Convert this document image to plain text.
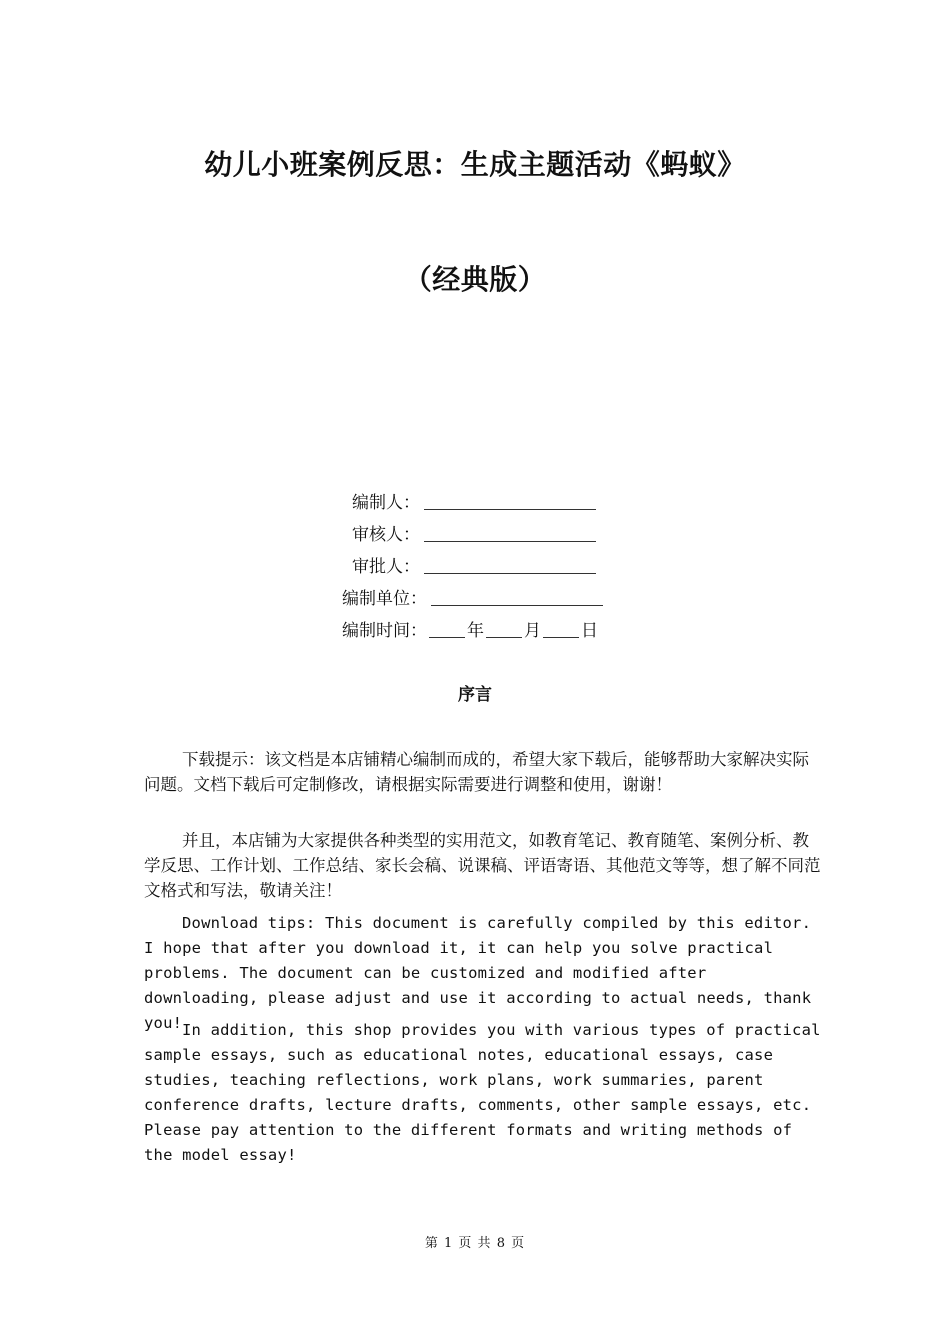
幼儿小班案例反思：生成主题活动《蚂蚁》
（经典版）
编制人：
审核人：
审批人：
编制单位：
编制时间： 年 月 日
序言

下载提示：该文档是本店铺精心编制而成的，希望大家下载后，能够帮助大家解决实际问题。文档下载后可定制修改，请根据实际需要进行调整和使用，谢谢！

并且，本店铺为大家提供各种类型的实用范文，如教育笔记、教育随笔、案例分析、教学反思、工作计划、工作总结、家长会稿、说课稿、评语寄语、其他范文等等，想了解不同范文格式和写法，敬请关注！

Download tips: This document is carefully compiled by this editor. I hope that after you download it, it can help you solve practical problems. The document can be customized and modified after downloading, please adjust and use it according to actual needs, thank you! In addition, this shop provides you with various types of practical sample essays, such as educational notes, educational essays, case studies, teaching reflections, work plans, work summaries, parent conference drafts, lecture drafts, comments, other sample essays, etc. Please pay attention to the different formats and writing methods of the model essay!

第 1 页 共 8 页
